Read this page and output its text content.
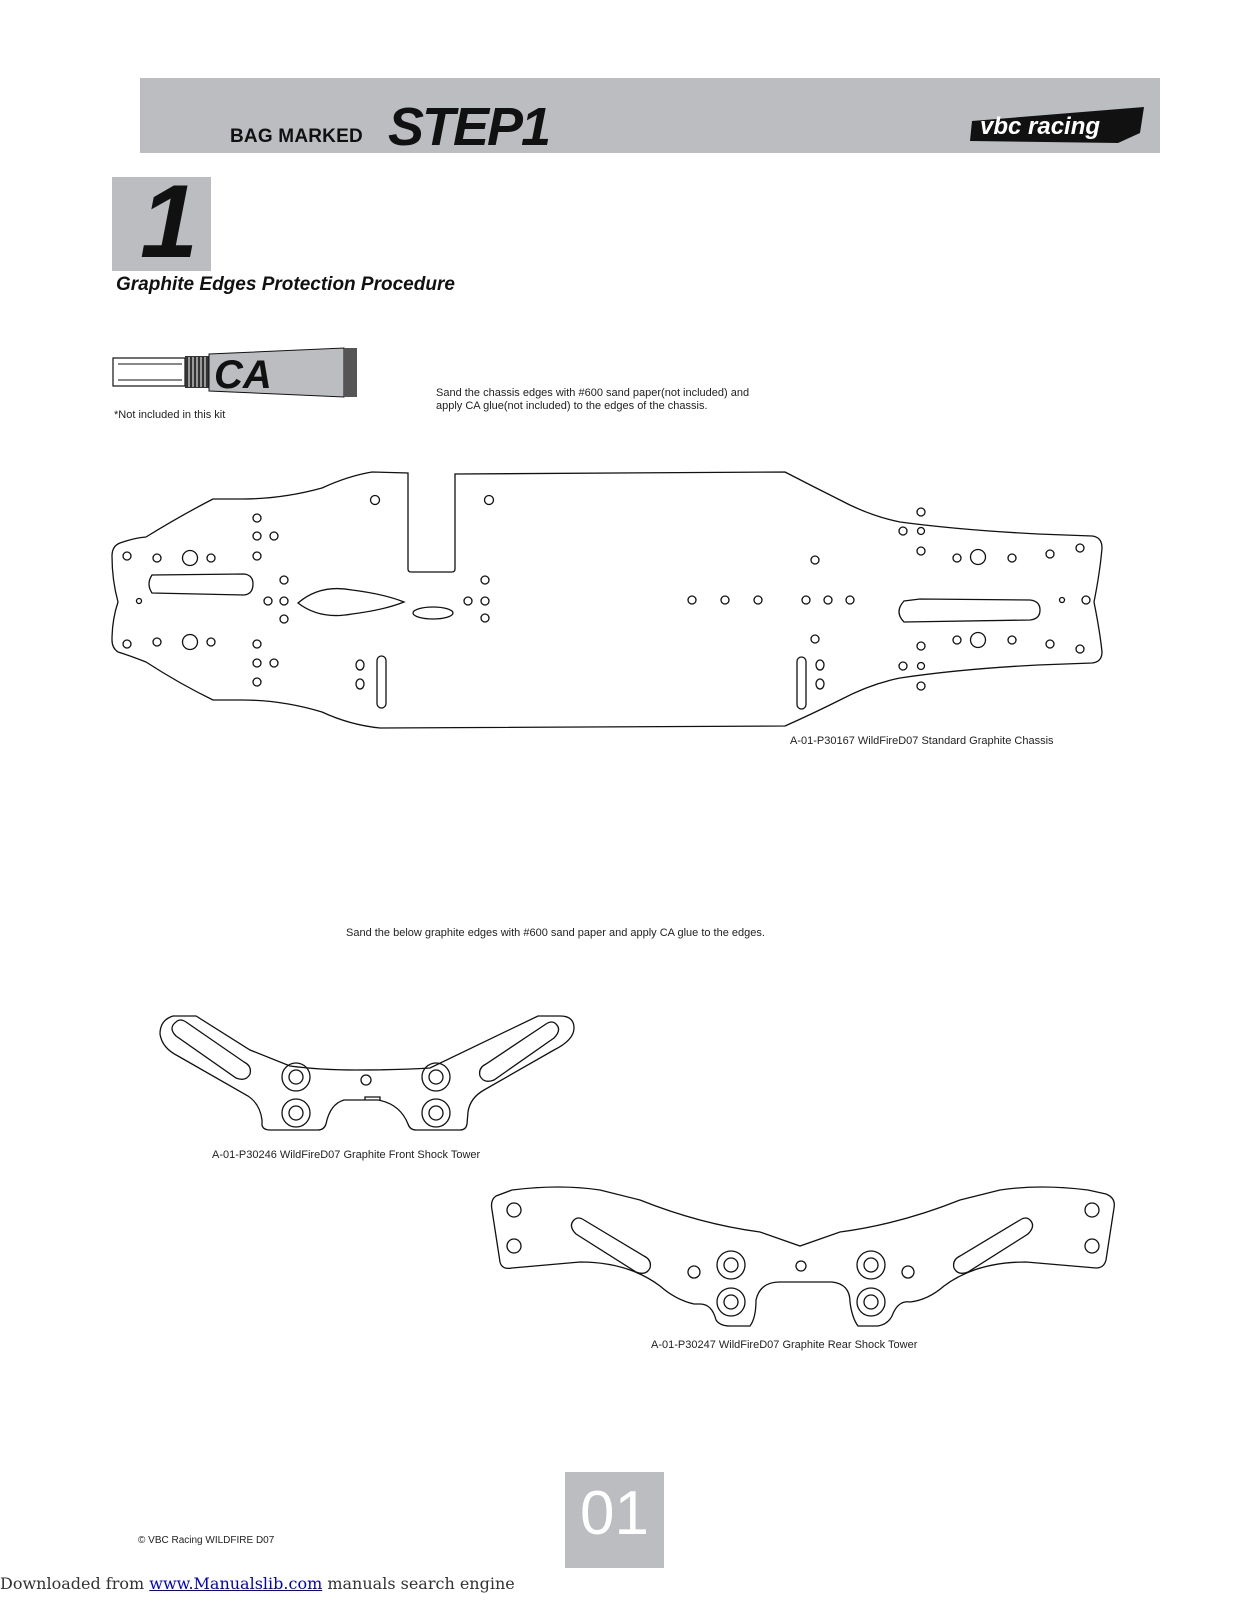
BAG MARKED STEP1	vbc racing
1
Graphite Edges Protection Procedure
CA
*Not included in this kit
Sand the chassis edges with #600 sand paper(not included) and
apply CA glue(not included) to the edges of the chassis.
A-01-P30167 WildFireD07 Standard Graphite Chassis
Sand the below graphite edges with #600 sand paper and apply CA glue to the edges.
A-01-P30246 WildFireD07 Graphite Front Shock Tower
A-01-P30247 WildFireD07 Graphite Rear Shock Tower
01
© VBC Racing WILDFIRE D07
Downloaded from www.Manualslib.com manuals search engine
